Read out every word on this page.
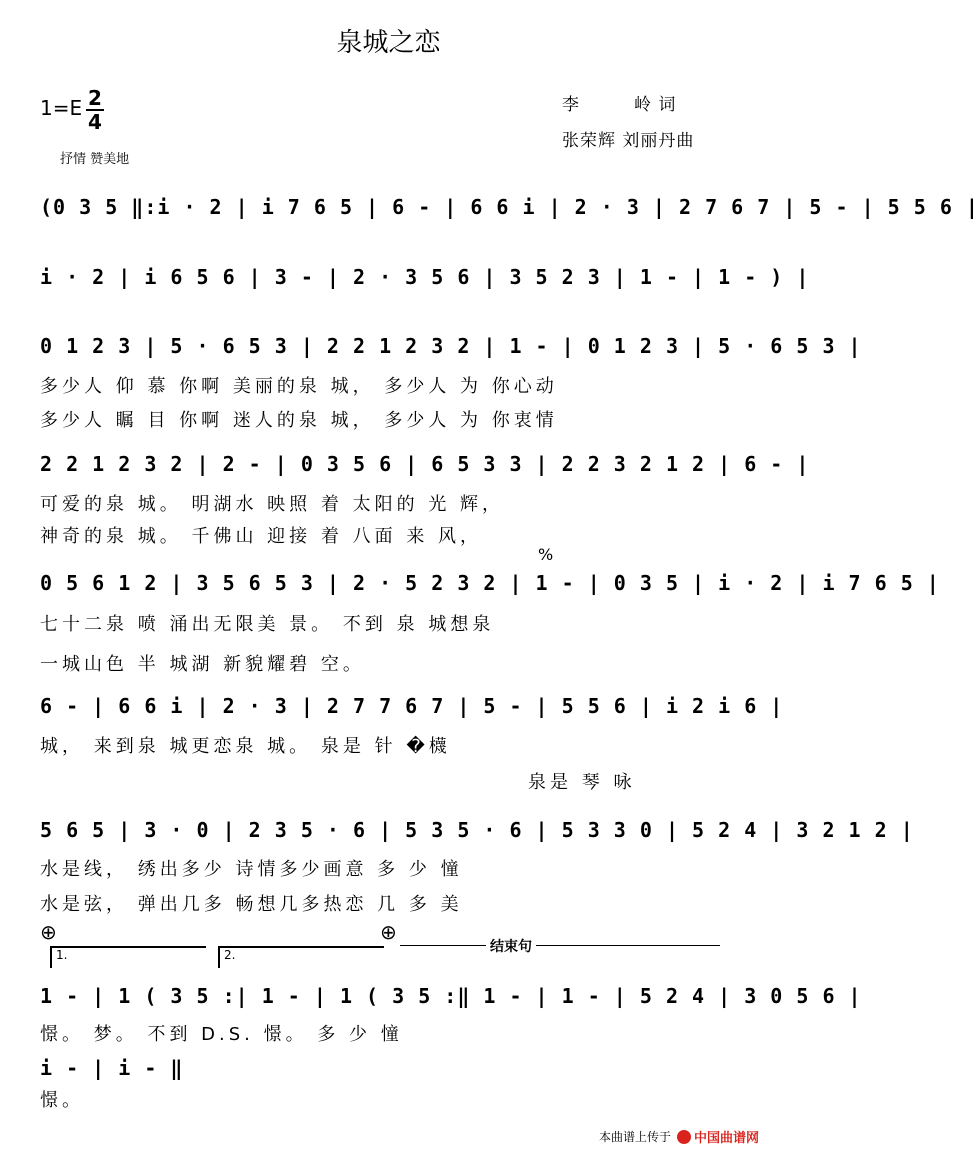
泉城之恋
1=E 2
4
抒情 赞美地
李　　　岭 词
张荣辉 刘丽丹曲
(0 3 5 ‖:i · 2 | i 7 6 5 | 6 - | 6 6 i | 2 · 3 | 2 7 6 7 | 5 - | 5 5 6 |
i · 2 | i 6 5 6 | 3 - | 2 · 3 5 6 | 3 5 2 3 | 1 - | 1 - ) |
0 1 2 3 | 5 · 6 5 3 | 2 2 1 2 3 2 | 1 - | 0 1 2 3 | 5 · 6 5 3 |
多少人 仰 慕 你啊 美丽的泉 城， 多少人 为 你心动
多少人 瞩 目 你啊 迷人的泉 城， 多少人 为 你衷情
2 2 1 2 3 2 | 2 - | 0 3 5 6 | 6 5 3 3 | 2 2 3 2 1 2 | 6 - |
可爱的泉 城。 明湖水 映照 着 太阳的 光 辉，
神奇的泉 城。 千佛山 迎接 着 八面 来 风，
%
0 5 6 1 2 | 3 5 6 5 3 | 2 · 5 2 3 2 | 1 - | 0 3 5 | i · 2 | i 7 6 5 |
七十二泉 喷 涌出无限美 景。 不到 泉 城想泉
一城山色 半 城湖 新貌耀碧 空。
6 - | 6 6 i | 2 · 3 | 2 7 7 6 7 | 5 - | 5 5 6 | i 2 i 6 |
城， 来到泉 城更恋泉 城。 泉是 针 �櫗
泉是 琴 咏
5 6 5 | 3 · 0 | 2 3 5 · 6 | 5 3 5 · 6 | 5 3 3 0 | 5 2 4 | 3 2 1 2 |
水是线， 绣出多少 诗情多少画意 多 少 憧
水是弦， 弹出几多 畅想几多热恋 几 多 美
⊕	⊕
1.	2.	结束句
1 - | 1 ( 3 5 :| 1 - | 1 ( 3 5 :‖ 1 - | 1 - | 5 2 4 | 3 0 5 6 |
憬。 梦。 不到 D.S. 憬。 多 少 憧
i - | i - ‖
憬。
本曲谱上传于 中国曲谱网
